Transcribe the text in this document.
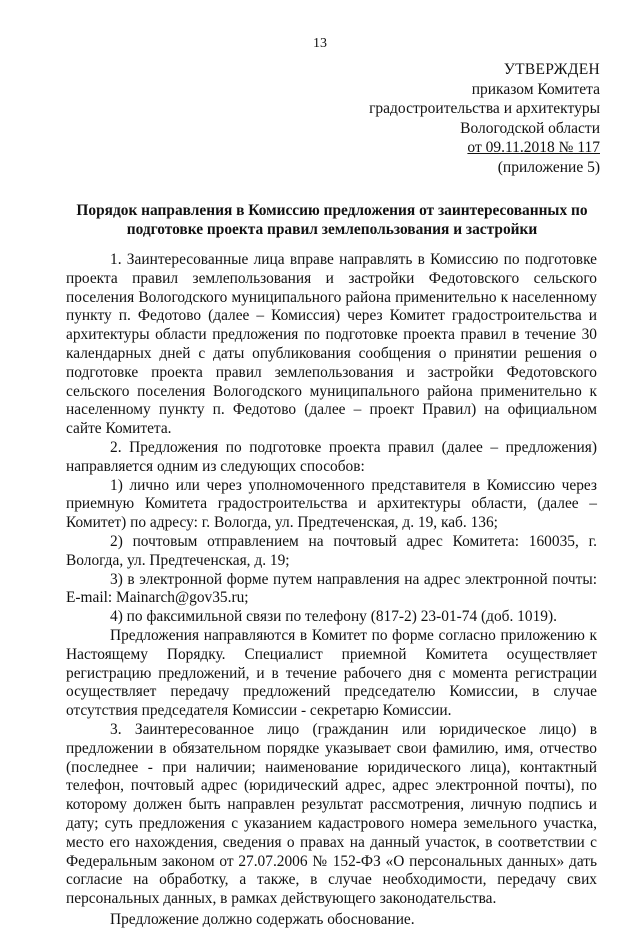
13
УТВЕРЖДЕН
приказом Комитета
градостроительства и архитектуры
Вологодской области
от 09.11.2018 № 117
(приложение 5)
Порядок направления в Комиссию предложения от заинтересованных по подготовке проекта правил землепользования и застройки

1. Заинтересованные лица вправе направлять в Комиссию по подготовке проекта правил землепользования и застройки Федотовского сельского поселения Вологодского муниципального района применительно к населенному пункту п. Федотово (далее – Комиссия) через Комитет градостроительства и архитектуры области предложения по подготовке проекта правил в течение 30 календарных дней с даты опубликования сообщения о принятии решения о подготовке проекта правил землепользования и застройки Федотовского сельского поселения Вологодского муниципального района применительно к населенному пункту п. Федотово (далее – проект Правил) на официальном сайте Комитета.

2. Предложения по подготовке проекта правил (далее – предложения) направляется одним из следующих способов:

1) лично или через уполномоченного представителя в Комиссию через приемную Комитета градостроительства и архитектуры области, (далее – Комитет) по адресу: г. Вологда, ул. Предтеченская, д. 19, каб. 136;

2) почтовым отправлением на почтовый адрес Комитета: 160035, г. Вологда, ул. Предтеченская, д. 19;

3) в электронной форме путем направления на адрес электронной почты: E-mail: Mainarch@gov35.ru;

4) по факсимильной связи по телефону (817-2) 23-01-74 (доб. 1019).

Предложения направляются в Комитет по форме согласно приложению к Настоящему Порядку. Специалист приемной Комитета осуществляет регистрацию предложений, и в течение рабочего дня с момента регистрации осуществляет передачу предложений председателю Комиссии, в случае отсутствия председателя Комиссии - секретарю Комиссии.

3. Заинтересованное лицо (гражданин или юридическое лицо) в предложении в обязательном порядке указывает свои фамилию, имя, отчество (последнее - при наличии; наименование юридического лица), контактный телефон, почтовый адрес (юридический адрес, адрес электронной почты), по которому должен быть направлен результат рассмотрения, личную подпись и дату; суть предложения с указанием кадастрового номера земельного участка, место его нахождения, сведения о правах на данный участок, в соответствии с Федеральным законом от 27.07.2006 № 152-ФЗ «О персональных данных» дать согласие на обработку, а также, в случае необходимости, передачу свих персональных данных, в рамках действующего законодательства.

Предложение должно содержать обоснование.
